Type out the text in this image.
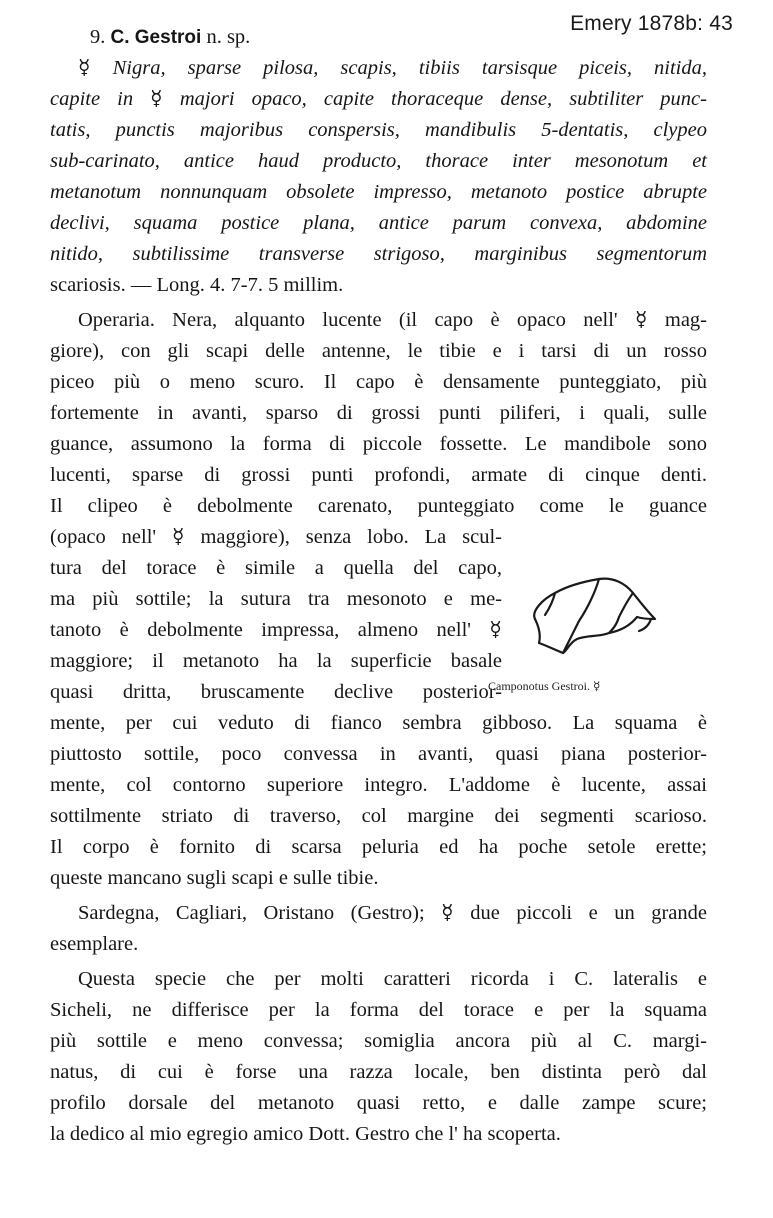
Emery 1878b: 43
9. C. Gestroi n. sp.
☿ Nigra, sparse pilosa, scapis, tibiis tarsisque piceis, nitida,
capite in ☿ majori opaco, capite thoraceque dense, subtiliter punc-
tatis, punctis majoribus conspersis, mandibulis 5-dentatis, clypeo
sub-carinato, antice haud producto, thorace inter mesonotum et
metanotum nonnunquam obsolete impresso, metanoto postice abrupte
declivi, squama postice plana, antice parum convexa, abdomine
nitido, subtilissime transverse strigoso, marginibus segmentorum
scariosis. — Long. 4. 7-7. 5 millim.
Operaria. Nera, alquanto lucente (il capo è opaco nell' ☿ mag-
giore), con gli scapi delle antenne, le tibie e i tarsi di un rosso
piceo più o meno scuro. Il capo è densamente punteggiato, più
fortemente in avanti, sparso di grossi punti piliferi, i quali, sulle
guance, assumono la forma di piccole fossette. Le mandibole sono
lucenti, sparse di grossi punti profondi, armate di cinque denti.
Il clipeo è debolmente carenato, punteggiato come le guance
(opaco nell' ☿ maggiore), senza lobo. La scul-
tura del torace è simile a quella del capo,
ma più sottile; la sutura tra mesonoto e me-
tanoto è debolmente impressa, almeno nell' ☿
maggiore; il metanoto ha la superficie basale
quasi dritta, bruscamente declive posterior-
mente, per cui veduto di fianco sembra gibboso. La squama è
piuttosto sottile, poco convessa in avanti, quasi piana posterior-
mente, col contorno superiore integro. L'addome è lucente, assai
sottilmente striato di traverso, col margine dei segmenti scarioso.
Il corpo è fornito di scarsa peluria ed ha poche setole erette;
queste mancano sugli scapi e sulle tibie.
Sardegna, Cagliari, Oristano (Gestro); ☿ due piccoli e un grande
esemplare.
Questa specie che per molti caratteri ricorda i C. lateralis e
Sicheli, ne differisce per la forma del torace e per la squama
più sottile e meno convessa; somiglia ancora più al C. margi-
natus, di cui è forse una razza locale, ben distinta però dal
profilo dorsale del metanoto quasi retto, e dalle zampe scure;
la dedico al mio egregio amico Dott. Gestro che l' ha scoperta.
Camponotus Gestroi. ☿
